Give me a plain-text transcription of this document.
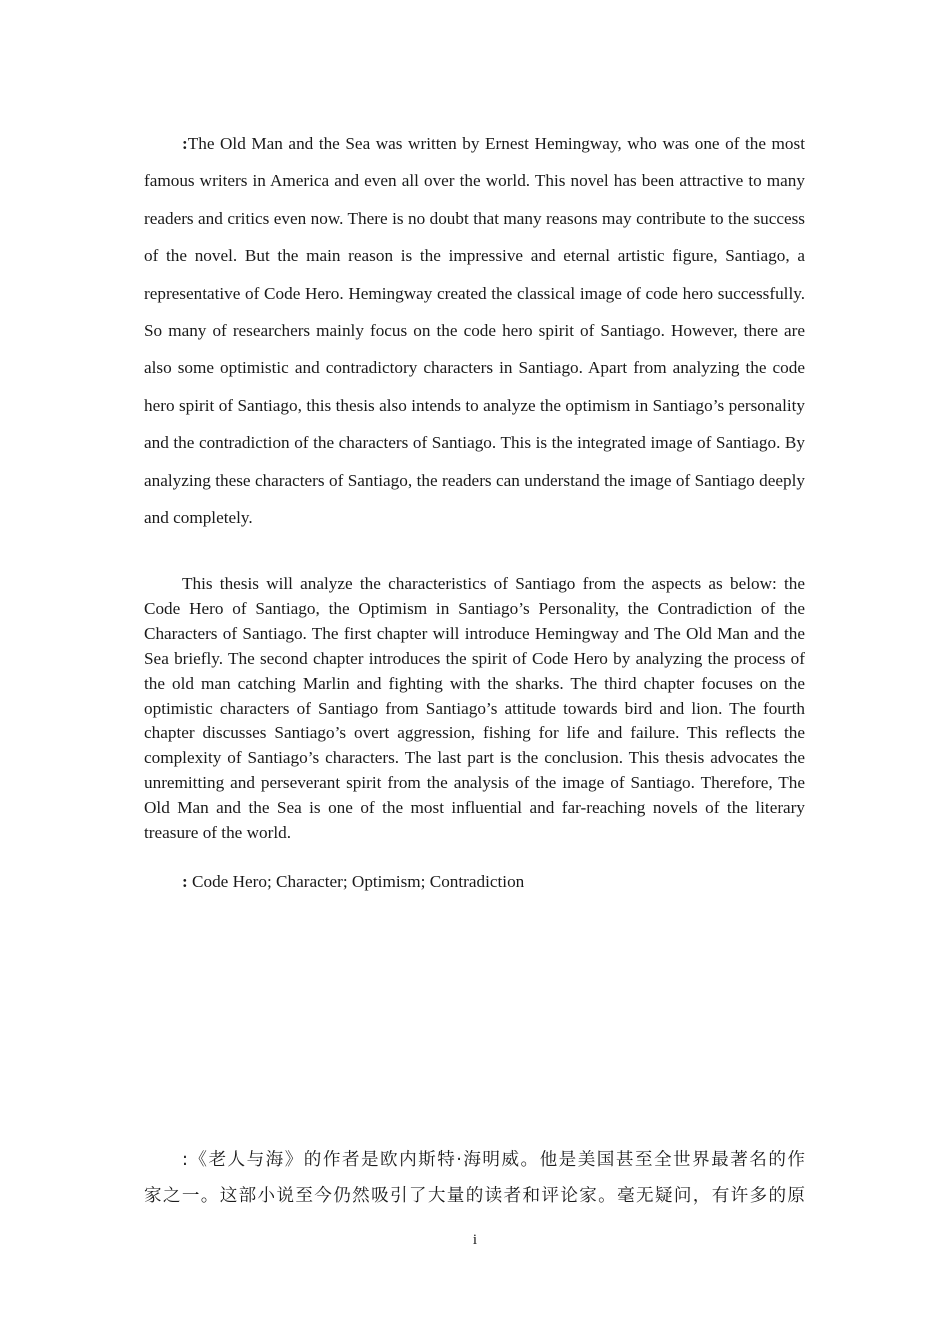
:The Old Man and the Sea was written by Ernest Hemingway, who was one of the most famous writers in America and even all over the world. This novel has been attractive to many readers and critics even now. There is no doubt that many reasons may contribute to the success of the novel. But the main reason is the impressive and eternal artistic figure, Santiago, a representative of Code Hero. Hemingway created the classical image of code hero successfully. So many of researchers mainly focus on the code hero spirit of Santiago. However, there are also some optimistic and contradictory characters in Santiago. Apart from analyzing the code hero spirit of Santiago, this thesis also intends to analyze the optimism in Santiago’s personality and the contradiction of the characters of Santiago. This is the integrated image of Santiago. By analyzing these characters of Santiago, the readers can understand the image of Santiago deeply and completely.

This thesis will analyze the characteristics of Santiago from the aspects as below: the Code Hero of Santiago, the Optimism in Santiago’s Personality, the Contradiction of the Characters of Santiago. The first chapter will introduce Hemingway and The Old Man and the Sea briefly. The second chapter introduces the spirit of Code Hero by analyzing the process of the old man catching Marlin and fighting with the sharks. The third chapter focuses on the optimistic characters of Santiago from Santiago’s attitude towards bird and lion. The fourth chapter discusses Santiago’s overt aggression, fishing for life and failure. This reflects the complexity of Santiago’s characters. The last part is the conclusion. This thesis advocates the unremitting and perseverant spirit from the analysis of the image of Santiago. Therefore, The Old Man and the Sea is one of the most influential and far-reaching novels of the literary treasure of the world.

: Code Hero; Character; Optimism; Contradiction

:《老人与海》的作者是欧内斯特·海明威。他是美国甚至全世界最著名的作
家之一。这部小说至今仍然吸引了大量的读者和评论家。毫无疑问，有许多的原
i
